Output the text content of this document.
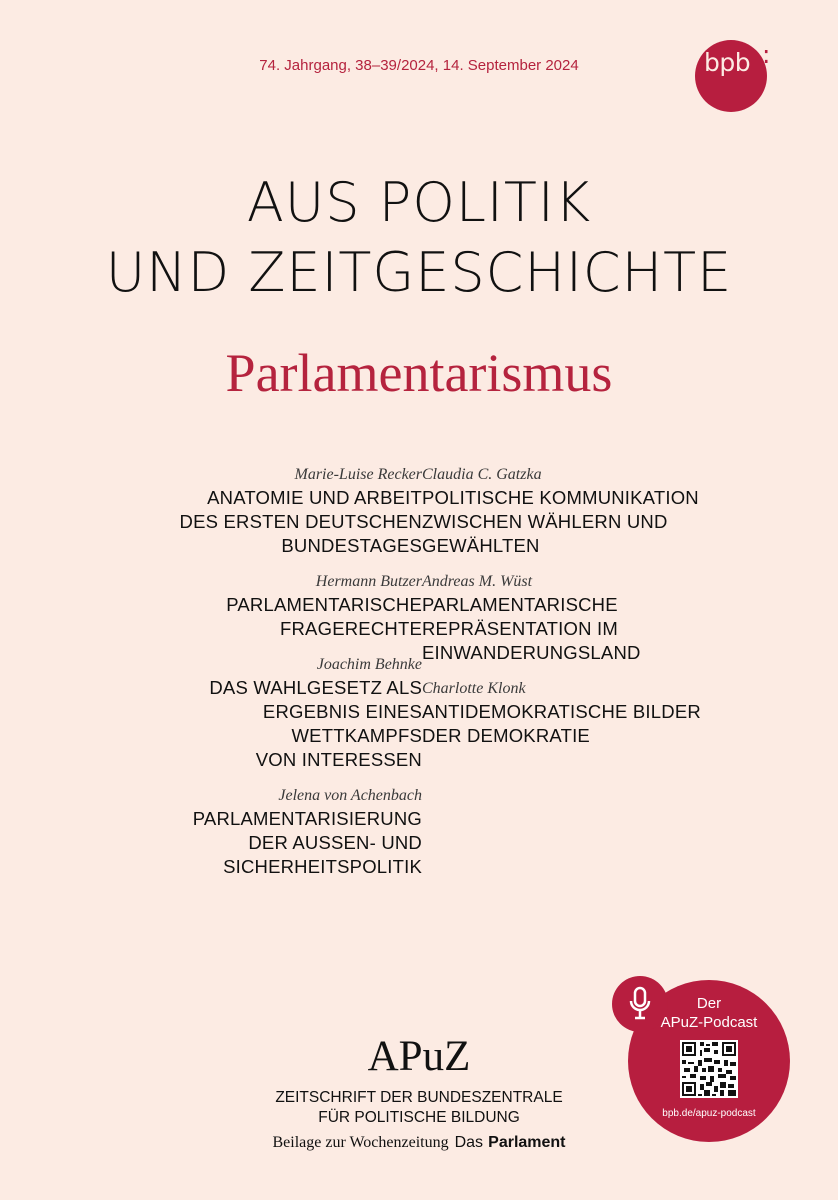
74. Jahrgang, 38–39/2024, 14. September 2024	bpb :
AUS POLITIK
UND ZEITGESCHICHTE
Parlamentarismus
Marie-Luise Recker
ANATOMIE UND ARBEIT
DES ERSTEN DEUTSCHEN
BUNDESTAGES
Hermann Butzer
PARLAMENTARISCHE
FRAGERECHTE
Joachim Behnke
DAS WAHLGESETZ ALS
ERGEBNIS EINES WETTKAMPFS
VON INTERESSEN
Jelena von Achenbach
PARLAMENTARISIERUNG
DER AUSSEN- UND
SICHERHEITSPOLITIK
Claudia C. Gatzka
POLITISCHE KOMMUNIKATION
ZWISCHEN WÄHLERN UND
GEWÄHLTEN
Andreas M. Wüst
PARLAMENTARISCHE
REPRÄSENTATION IM
EINWANDERUNGSLAND
Charlotte Klonk
ANTIDEMOKRATISCHE BILDER
DER DEMOKRATIE
APuZ
ZEITSCHRIFT DER BUNDESZENTRALE
FÜR POLITISCHE BILDUNG
Beilage zur Wochenzeitung Das Parlament
Der
APuZ-Podcast
bpb.de/apuz-podcast
